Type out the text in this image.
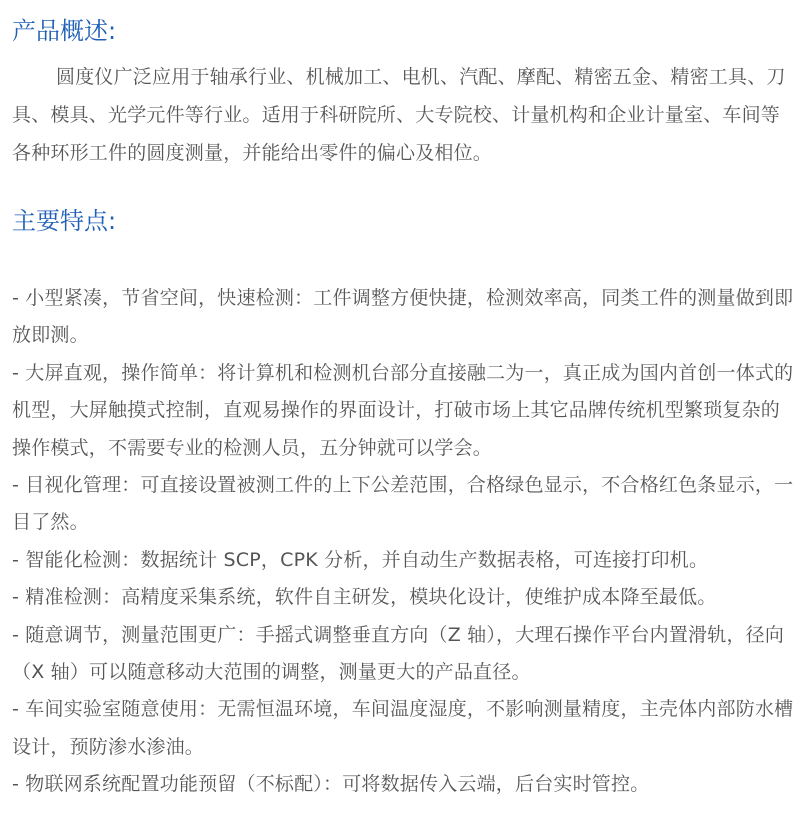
产品概述:

圆度仪广泛应用于轴承行业、机械加工、电机、汽配、摩配、精密五金、精密工具、刀具、模具、光学元件等行业。适用于科研院所、大专院校、计量机构和企业计量室、车间等各种环形工件的圆度测量，并能给出零件的偏心及相位。

主要特点:
- 小型紧凑，节省空间，快速检测：工件调整方便快捷，检测效率高，同类工件的测量做到即放即测。
- 大屏直观，操作简单：将计算机和检测机台部分直接融二为一，真正成为国内首创一体式的机型，大屏触摸式控制，直观易操作的界面设计，打破市场上其它品牌传统机型繁琐复杂的操作模式，不需要专业的检测人员，五分钟就可以学会。
- 目视化管理：可直接设置被测工件的上下公差范围，合格绿色显示，不合格红色条显示，一目了然。
- 智能化检测：数据统计 SCP，CPK 分析，并自动生产数据表格，可连接打印机。
- 精准检测：高精度采集系统，软件自主研发，模块化设计，使维护成本降至最低。
- 随意调节，测量范围更广：手摇式调整垂直方向（Z 轴），大理石操作平台内置滑轨，径向（X 轴）可以随意移动大范围的调整，测量更大的产品直径。
- 车间实验室随意使用：无需恒温环境，车间温度湿度，不影响测量精度，主壳体内部防水槽设计，预防渗水渗油。
- 物联网系统配置功能预留（不标配）：可将数据传入云端，后台实时管控。
